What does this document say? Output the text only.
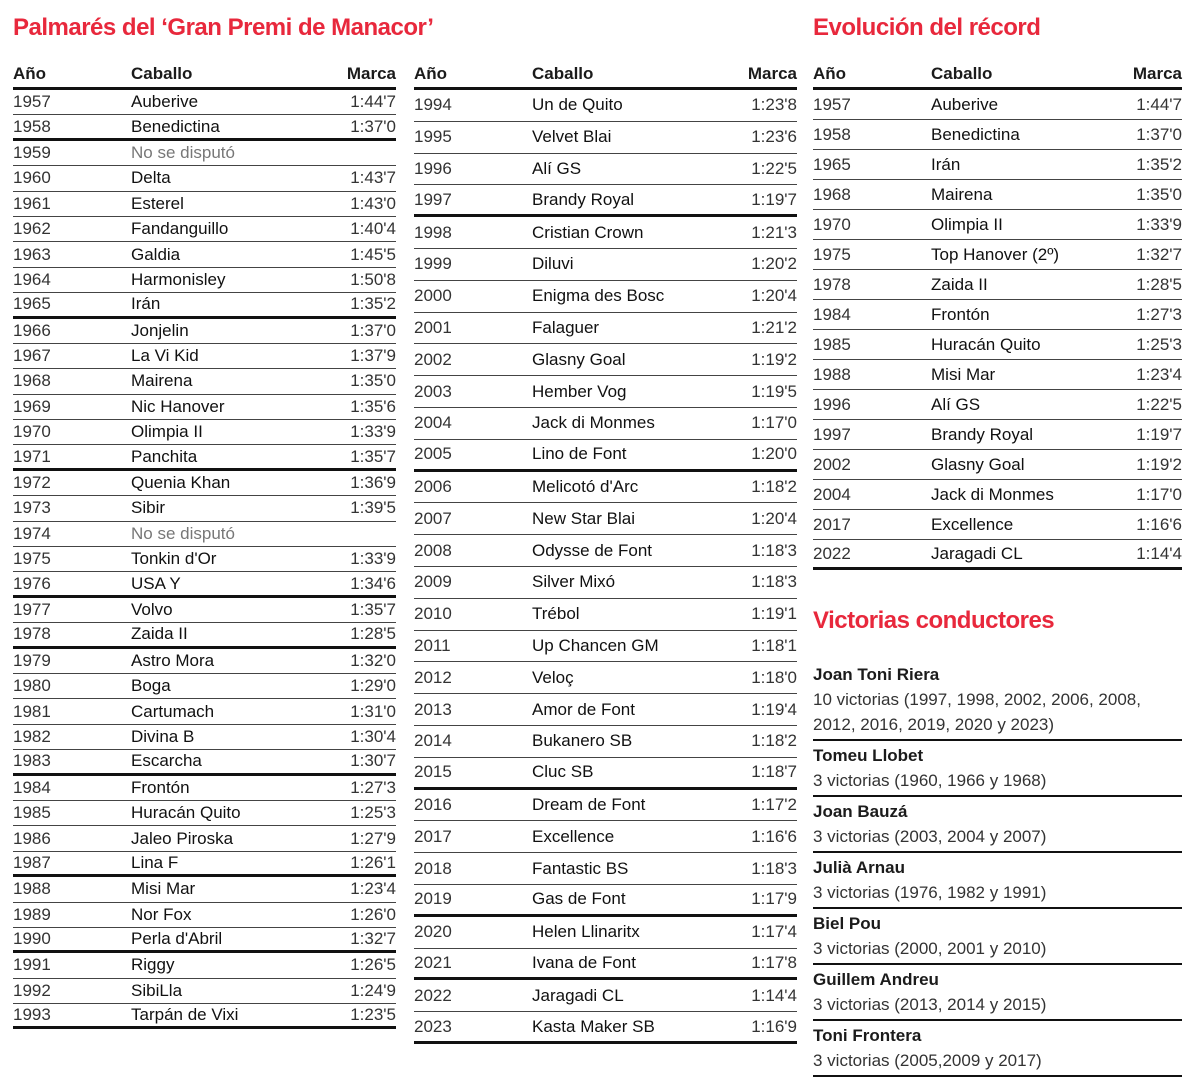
Palmarés del ‘Gran Premi de Manacor’
Año	Caballo	Marca
1957	Auberive	1:44'7
1958	Benedictina	1:37'0
1959	No se disputó
1960	Delta	1:43'7
1961	Esterel	1:43'0
1962	Fandanguillo	1:40'4
1963	Galdia	1:45'5
1964	Harmonisley	1:50'8
1965	Irán	1:35'2
1966	Jonjelin	1:37'0
1967	La Vi Kid	1:37'9
1968	Mairena	1:35'0
1969	Nic Hanover	1:35'6
1970	Olimpia II	1:33'9
1971	Panchita	1:35'7
1972	Quenia Khan	1:36'9
1973	Sibir	1:39'5
1974	No se disputó
1975	Tonkin d'Or	1:33'9
1976	USA Y	1:34'6
1977	Volvo	1:35'7
1978	Zaida II	1:28'5
1979	Astro Mora	1:32'0
1980	Boga	1:29'0
1981	Cartumach	1:31'0
1982	Divina B	1:30'4
1983	Escarcha	1:30'7
1984	Frontón	1:27'3
1985	Huracán Quito	1:25'3
1986	Jaleo Piroska	1:27'9
1987	Lina F	1:26'1
1988	Misi Mar	1:23'4
1989	Nor Fox	1:26'0
1990	Perla d'Abril	1:32'7
1991	Riggy	1:26'5
1992	SibiLla	1:24'9
1993	Tarpán de Vixi	1:23'5
Año	Caballo	Marca
1994	Un de Quito	1:23'8
1995	Velvet Blai	1:23'6
1996	Alí GS	1:22'5
1997	Brandy Royal	1:19'7
1998	Cristian Crown	1:21'3
1999	Diluvi	1:20'2
2000	Enigma des Bosc	1:20'4
2001	Falaguer	1:21'2
2002	Glasny Goal	1:19'2
2003	Hember Vog	1:19'5
2004	Jack di Monmes	1:17'0
2005	Lino de Font	1:20'0
2006	Melicotó d'Arc	1:18'2
2007	New Star Blai	1:20'4
2008	Odysse de Font	1:18'3
2009	Silver Mixó	1:18'3
2010	Trébol	1:19'1
2011	Up Chancen GM	1:18'1
2012	Veloç	1:18'0
2013	Amor de Font	1:19'4
2014	Bukanero SB	1:18'2
2015	Cluc SB	1:18'7
2016	Dream de Font	1:17'2
2017	Excellence	1:16'6
2018	Fantastic BS	1:18'3
2019	Gas de Font	1:17'9
2020	Helen Llinaritx	1:17'4
2021	Ivana de Font	1:17'8
2022	Jaragadi CL	1:14'4
2023	Kasta Maker SB	1:16'9
Evolución del récord
Año	Caballo	Marca
1957	Auberive	1:44'7
1958	Benedictina	1:37'0
1965	Irán	1:35'2
1968	Mairena	1:35'0
1970	Olimpia II	1:33'9
1975	Top Hanover (2º)	1:32'7
1978	Zaida II	1:28'5
1984	Frontón	1:27'3
1985	Huracán Quito	1:25'3
1988	Misi Mar	1:23'4
1996	Alí GS	1:22'5
1997	Brandy Royal	1:19'7
2002	Glasny Goal	1:19'2
2004	Jack di Monmes	1:17'0
2017	Excellence	1:16'6
2022	Jaragadi CL	1:14'4
Victorias conductores
Joan Toni Riera
10 victorias (1997, 1998, 2002, 2006, 2008, 2012, 2016, 2019, 2020 y 2023)
Tomeu Llobet
3 victorias (1960, 1966 y 1968)
Joan Bauzá
3 victorias (2003, 2004 y 2007)
Julià Arnau
3 victorias (1976, 1982 y 1991)
Biel Pou
3 victorias (2000, 2001 y 2010)
Guillem Andreu
3 victorias (2013, 2014 y 2015)
Toni Frontera
3 victorias (2005,2009 y 2017)
